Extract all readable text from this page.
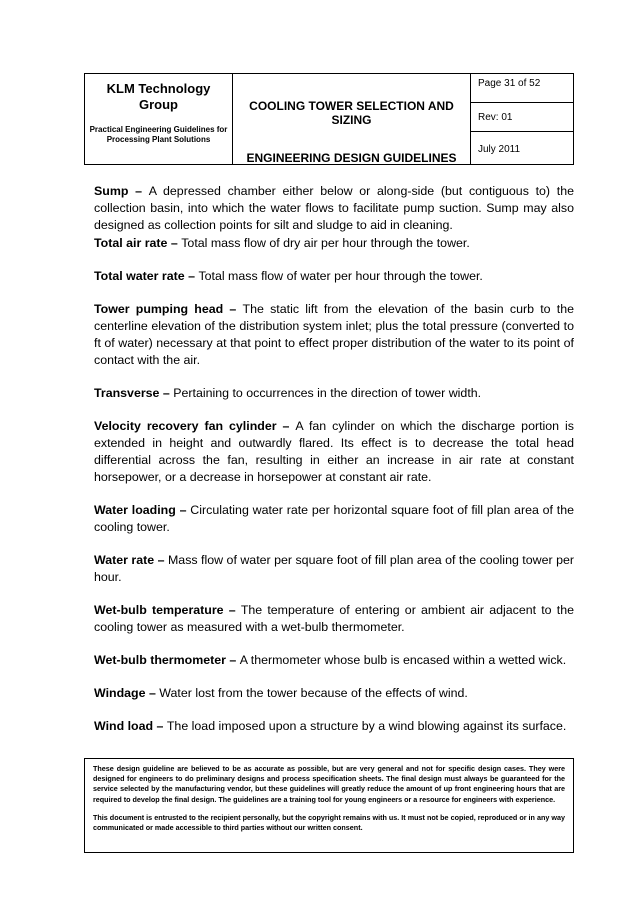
KLM Technology Group
Practical Engineering Guidelines for Processing Plant Solutions
COOLING TOWER SELECTION AND SIZING
ENGINEERING DESIGN GUIDELINES
Page 31 of 52
Rev: 01
July 2011

Sump – A depressed chamber either below or along-side (but contiguous to) the collection basin, into which the water flows to facilitate pump suction. Sump may also designed as collection points for silt and sludge to aid in cleaning.

Total air rate – Total mass flow of dry air per hour through the tower.

Total water rate – Total mass flow of water per hour through the tower.

Tower pumping head – The static lift from the elevation of the basin curb to the centerline elevation of the distribution system inlet; plus the total pressure (converted to ft of water) necessary at that point to effect proper distribution of the water to its point of contact with the air.

Transverse – Pertaining to occurrences in the direction of tower width.

Velocity recovery fan cylinder – A fan cylinder on which the discharge portion is extended in height and outwardly flared. Its effect is to decrease the total head differential across the fan, resulting in either an increase in air rate at constant horsepower, or a decrease in horsepower at constant air rate.

Water loading – Circulating water rate per horizontal square foot of fill plan area of the cooling tower.

Water rate – Mass flow of water per square foot of fill plan area of the cooling tower per hour.

Wet-bulb temperature – The temperature of entering or ambient air adjacent to the cooling tower as measured with a wet-bulb thermometer.

Wet-bulb thermometer – A thermometer whose bulb is encased within a wetted wick.

Windage – Water lost from the tower because of the effects of wind.

Wind load – The load imposed upon a structure by a wind blowing against its surface.

These design guideline are believed to be as accurate as possible, but are very general and not for specific design cases. They were designed for engineers to do preliminary designs and process specification sheets. The final design must always be guaranteed for the service selected by the manufacturing vendor, but these guidelines will greatly reduce the amount of up front engineering hours that are required to develop the final design. The guidelines are a training tool for young engineers or a resource for engineers with experience.

This document is entrusted to the recipient personally, but the copyright remains with us. It must not be copied, reproduced or in any way communicated or made accessible to third parties without our written consent.
